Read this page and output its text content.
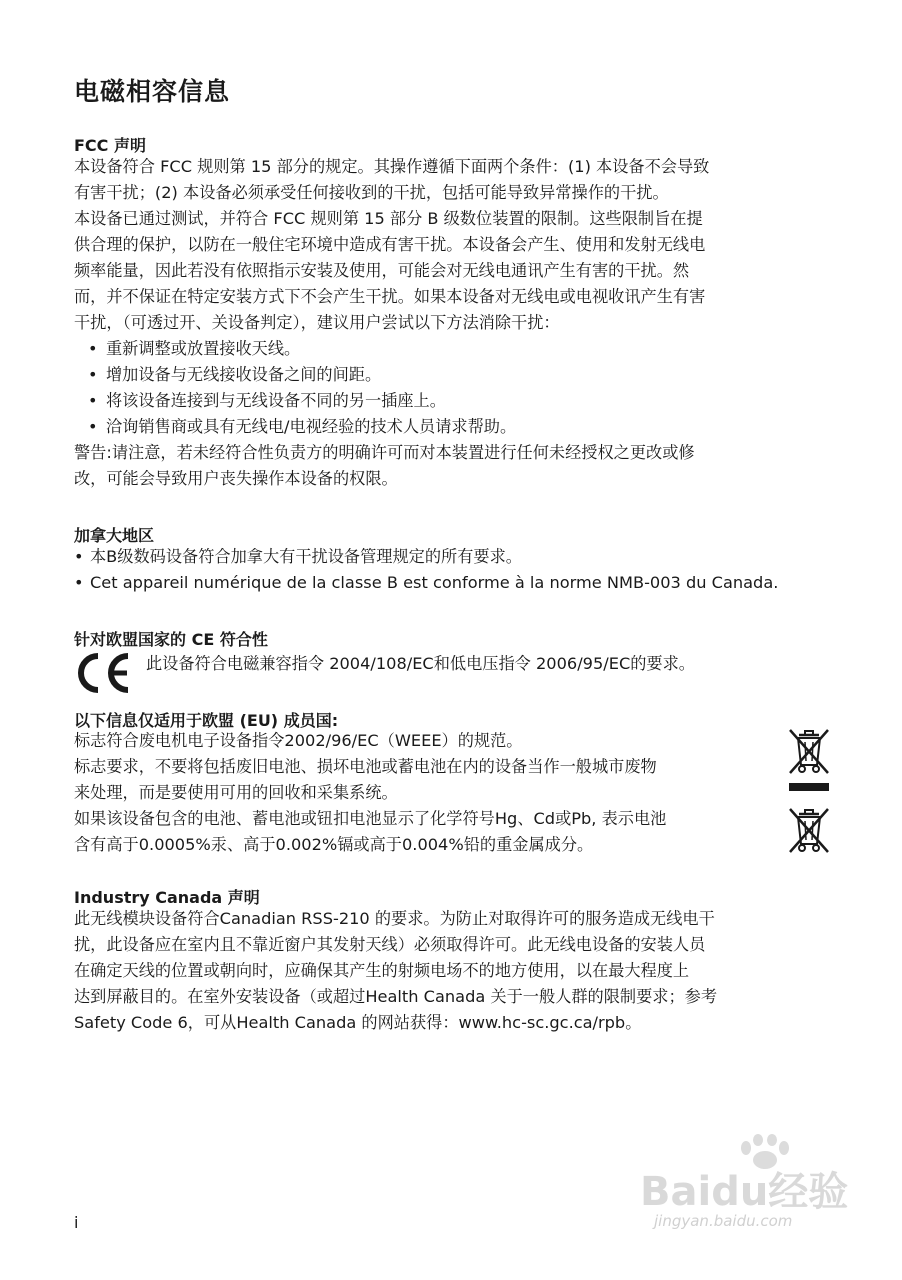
电磁相容信息
FCC 声明
本设备符合 FCC 规则第 15 部分的规定。其操作遵循下面两个条件：(1) 本设备不会导致
有害干扰；(2) 本设备必须承受任何接收到的干扰，包括可能导致异常操作的干扰。
本设备已通过测试，并符合 FCC 规则第 15 部分 B 级数位装置的限制。这些限制旨在提
供合理的保护，以防在一般住宅环境中造成有害干扰。本设备会产生、使用和发射无线电
频率能量，因此若没有依照指示安装及使用，可能会对无线电通讯产生有害的干扰。然
而，并不保证在特定安装方式下不会产生干扰。如果本设备对无线电或电视收讯产生有害
干扰，（可透过开、关设备判定），建议用户尝试以下方法消除干扰：
• 重新调整或放置接收天线。
• 增加设备与无线接收设备之间的间距。
• 将该设备连接到与无线设备不同的另一插座上。
• 洽询销售商或具有无线电/电视经验的技术人员请求帮助。
警告:请注意，若未经符合性负责方的明确许可而对本装置进行任何未经授权之更改或修
改，可能会导致用户丧失操作本设备的权限。
加拿大地区
• 本B级数码设备符合加拿大有干扰设备管理规定的所有要求。
• Cet appareil numérique de la classe B est conforme à la norme NMB-003 du Canada.
针对欧盟国家的 CE 符合性
此设备符合电磁兼容指令 2004/108/EC和低电压指令 2006/95/EC的要求。
以下信息仅适用于欧盟 (EU) 成员国:
标志符合废电机电子设备指令2002/96/EC（WEEE）的规范。
标志要求，不要将包括废旧电池、损坏电池或蓄电池在内的设备当作一般城市废物
来处理，而是要使用可用的回收和采集系统。
如果该设备包含的电池、蓄电池或钮扣电池显示了化学符号Hg、Cd或Pb, 表示电池
含有高于0.0005%汞、高于0.002%镉或高于0.004%铅的重金属成分。
Industry Canada 声明
此无线模块设备符合Canadian RSS-210 的要求。为防止对取得许可的服务造成无线电干
扰，此设备应在室内且不靠近窗户其发射天线）必须取得许可。此无线电设备的安装人员
在确定天线的位置或朝向时，应确保其产生的射频电场不的地方使用，以在最大程度上
达到屏蔽目的。在室外安装设备（或超过Health Canada 关于一般人群的限制要求；参考
Safety Code 6，可从Health Canada 的网站获得：www.hc-sc.gc.ca/rpb。
i
Baidu经验
jingyan.baidu.com
